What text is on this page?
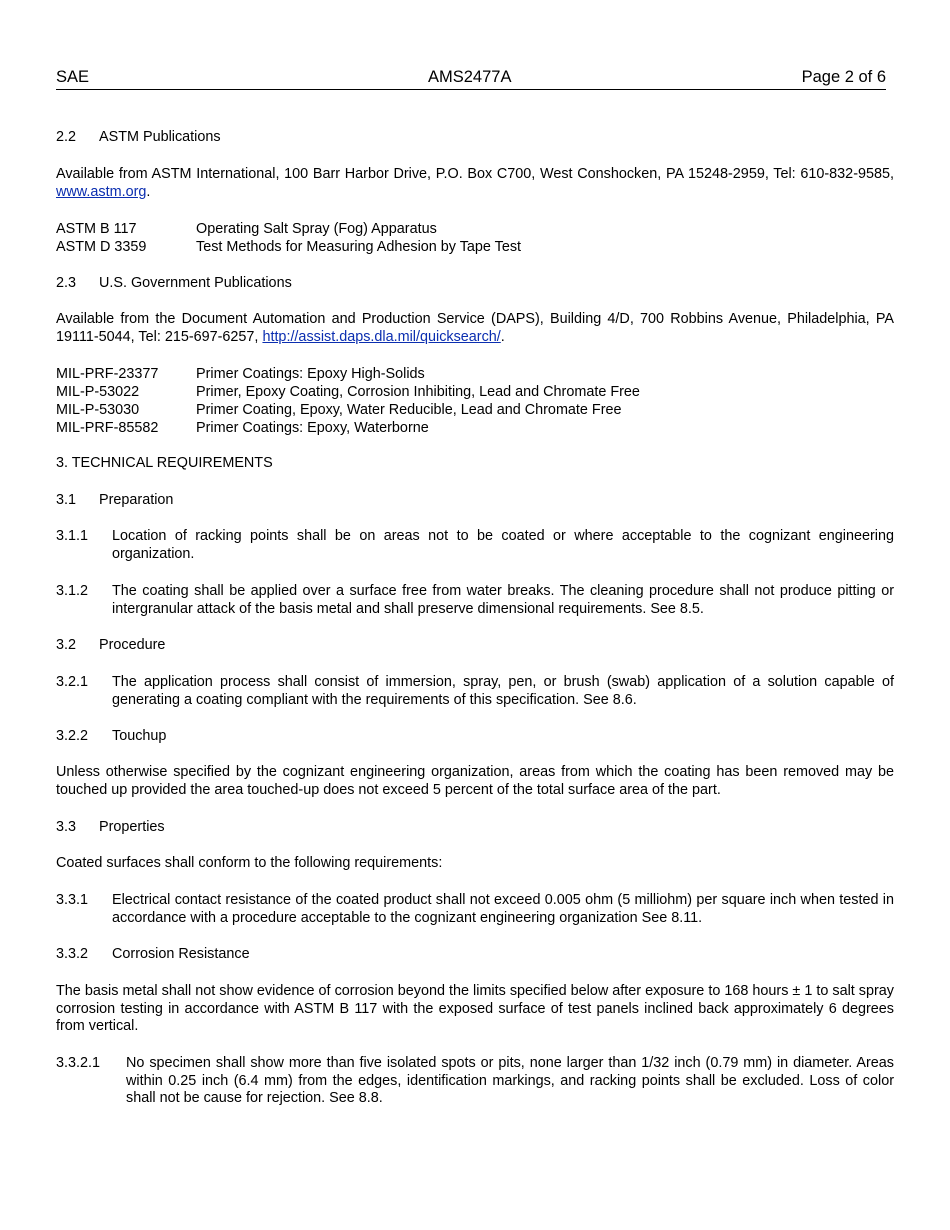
SAE	AMS2477A	Page 2 of 6
2.2 ASTM Publications
Available from ASTM International, 100 Barr Harbor Drive, P.O. Box C700, West Conshocken, PA 15248-2959, Tel: 610-832-9585, www.astm.org.
ASTM B 117	Operating Salt Spray (Fog) Apparatus
ASTM D 3359	Test Methods for Measuring Adhesion by Tape Test
2.3 U.S. Government Publications
Available from the Document Automation and Production Service (DAPS), Building 4/D, 700 Robbins Avenue, Philadelphia, PA 19111-5044, Tel: 215-697-6257, http://assist.daps.dla.mil/quicksearch/.
MIL-PRF-23377	Primer Coatings: Epoxy High-Solids
MIL-P-53022	Primer, Epoxy Coating, Corrosion Inhibiting, Lead and Chromate Free
MIL-P-53030	Primer Coating, Epoxy, Water Reducible, Lead and Chromate Free
MIL-PRF-85582	Primer Coatings: Epoxy, Waterborne
3. TECHNICAL REQUIREMENTS
3.1 Preparation
3.1.1 Location of racking points shall be on areas not to be coated or where acceptable to the cognizant engineering organization.
3.1.2 The coating shall be applied over a surface free from water breaks. The cleaning procedure shall not produce pitting or intergranular attack of the basis metal and shall preserve dimensional requirements. See 8.5.
3.2 Procedure
3.2.1 The application process shall consist of immersion, spray, pen, or brush (swab) application of a solution capable of generating a coating compliant with the requirements of this specification. See 8.6.
3.2.2 Touchup
Unless otherwise specified by the cognizant engineering organization, areas from which the coating has been removed may be touched up provided the area touched-up does not exceed 5 percent of the total surface area of the part.
3.3 Properties
Coated surfaces shall conform to the following requirements:
3.3.1 Electrical contact resistance of the coated product shall not exceed 0.005 ohm (5 milliohm) per square inch when tested in accordance with a procedure acceptable to the cognizant engineering organization See 8.11.
3.3.2 Corrosion Resistance
The basis metal shall not show evidence of corrosion beyond the limits specified below after exposure to 168 hours ± 1 to salt spray corrosion testing in accordance with ASTM B 117 with the exposed surface of test panels inclined back approximately 6 degrees from vertical.
3.3.2.1 No specimen shall show more than five isolated spots or pits, none larger than 1/32 inch (0.79 mm) in diameter. Areas within 0.25 inch (6.4 mm) from the edges, identification markings, and racking points shall be excluded. Loss of color shall not be cause for rejection. See 8.8.
